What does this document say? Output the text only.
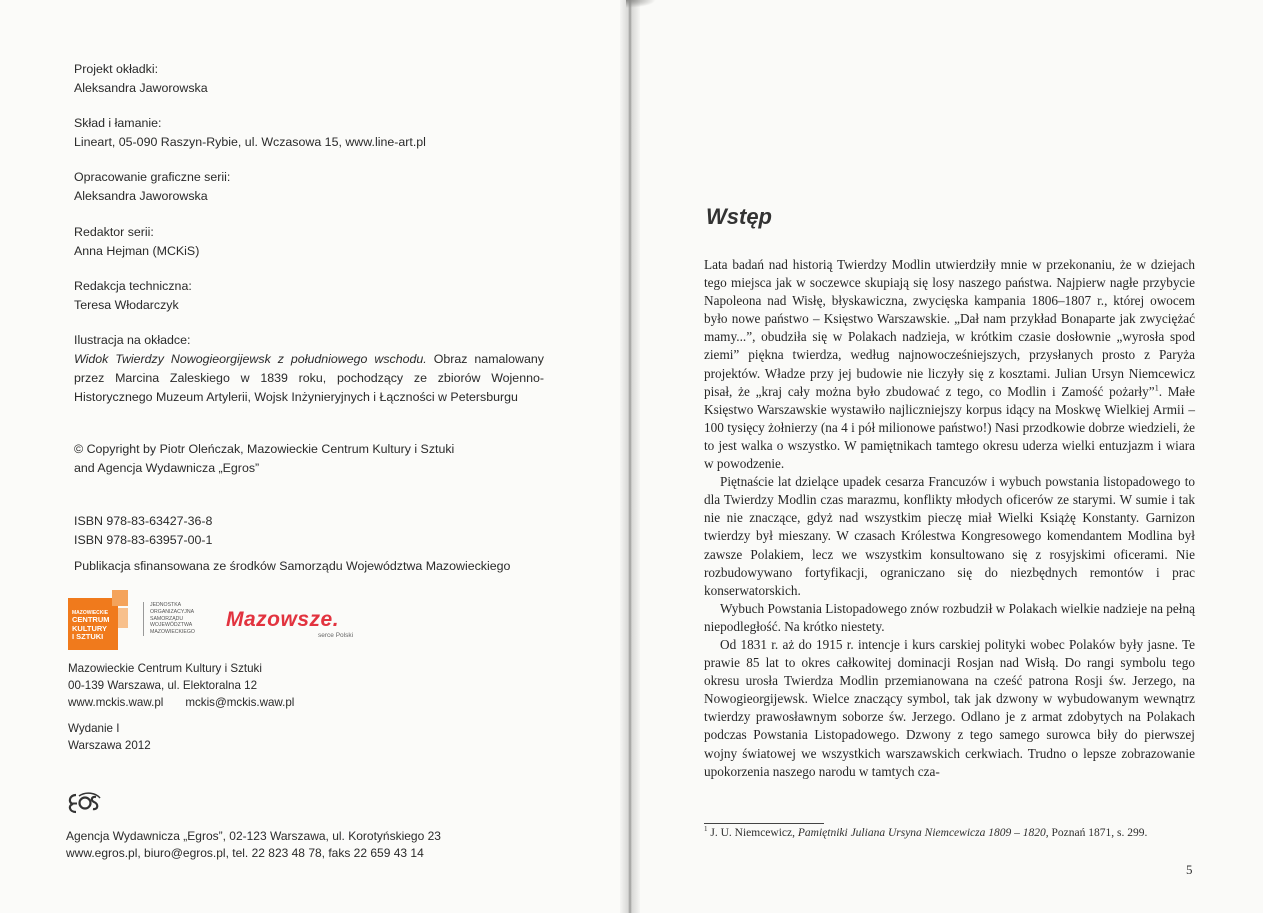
Projekt okładki:
Aleksandra Jaworowska
Skład i łamanie:
Lineart, 05-090 Raszyn-Rybie, ul. Wczasowa 15, www.line-art.pl
Opracowanie graficzne serii:
Aleksandra Jaworowska
Redaktor serii:
Anna Hejman (MCKiS)
Redakcja techniczna:
Teresa Włodarczyk
Ilustracja na okładce:
Widok Twierdzy Nowogieorgijewsk z południowego wschodu. Obraz namalowany przez Marcina Zaleskiego w 1839 roku, pochodzący ze zbiorów Wojenno-Historycznego Muzeum Artylerii, Wojsk Inżynieryjnych i Łączności w Petersburgu
© Copyright by Piotr Oleńczak, Mazowieckie Centrum Kultury i Sztuki
and Agencja Wydawnicza „Egros”
ISBN 978-83-63427-36-8
ISBN 978-83-63957-00-1
Publikacja sfinansowana ze środków Samorządu Województwa Mazowieckiego
MAZOWIECKIE
CENTRUM
KULTURY
I SZTUKI
JEDNOSTKA
ORGANIZACYJNA
SAMORZĄDU
WOJEWÓDZTWA
MAZOWIECKIEGO
Mazowsze.
serce Polski
Mazowieckie Centrum Kultury i Sztuki
00-139 Warszawa, ul. Elektoralna 12
www.mckis.waw.pl mckis@mckis.waw.pl
Wydanie I
Warszawa 2012
Agencja Wydawnicza „Egros”, 02-123 Warszawa, ul. Korotyńskiego 23
www.egros.pl, biuro@egros.pl, tel. 22 823 48 78, faks 22 659 43 14
Wstęp

Lata badań nad historią Twierdzy Modlin utwierdziły mnie w przekonaniu, że w dziejach tego miejsca jak w soczewce skupiają się losy naszego państwa. Najpierw nagłe przybycie Napoleona nad Wisłę, błyskawiczna, zwycięska kampania 1806–1807 r., której owocem było nowe państwo – Księstwo Warszawskie. „Dał nam przykład Bonaparte jak zwyciężać mamy...”, obudziła się w Polakach nadzieja, w krótkim czasie dosłownie „wyrosła spod ziemi” piękna twierdza, według najnowocześniejszych, przysłanych prosto z Paryża projektów. Władze przy jej budowie nie liczyły się z kosztami. Julian Ursyn Niemcewicz pisał, że „kraj cały można było zbudować z tego, co Modlin i Zamość pożarły”$^1$. Małe Księstwo Warszawskie wystawiło najliczniejszy korpus idący na Moskwę Wielkiej Armii – 100 tysięcy żołnierzy (na 4 i pół milionowe państwo!) Nasi przodkowie dobrze wiedzieli, że to jest walka o wszystko. W pamiętnikach tamtego okresu uderza wielki entuzjazm i wiara w powodzenie.

Piętnaście lat dzielące upadek cesarza Francuzów i wybuch powstania listopadowego to dla Twierdzy Modlin czas marazmu, konflikty młodych oficerów ze starymi. W sumie i tak nie nie znaczące, gdyż nad wszystkim pieczę miał Wielki Książę Konstanty. Garnizon twierdzy był mieszany. W czasach Królestwa Kongresowego komendantem Modlina był zawsze Polakiem, lecz we wszystkim konsultowano się z rosyjskimi oficerami. Nie rozbudowywano fortyfikacji, ograniczano się do niezbędnych remontów i prac konserwatorskich.

Wybuch Powstania Listopadowego znów rozbudził w Polakach wielkie nadzieje na pełną niepodległość. Na krótko niestety.

Od 1831 r. aż do 1915 r. intencje i kurs carskiej polityki wobec Polaków były jasne. Te prawie 85 lat to okres całkowitej dominacji Rosjan nad Wisłą. Do rangi symbolu tego okresu urosła Twierdza Modlin przemianowana na cześć patrona Rosji św. Jerzego, na Nowogieorgijewsk. Wielce znaczący symbol, tak jak dzwony w wybudowanym wewnątrz twierdzy prawosławnym soborze św. Jerzego. Odlano je z armat zdobytych na Polakach podczas Powstania Listopadowego. Dzwony z tego samego surowca biły do pierwszej wojny światowej we wszystkich warszawskich cerkwiach. Trudno o lepsze zobrazowanie upokorzenia naszego narodu w tamtych cza-

$^1$ J. U. Niemcewicz, Pamiętniki Juliana Ursyna Niemcewicza 1809 – 1820, Poznań 1871, s. 299.
5
